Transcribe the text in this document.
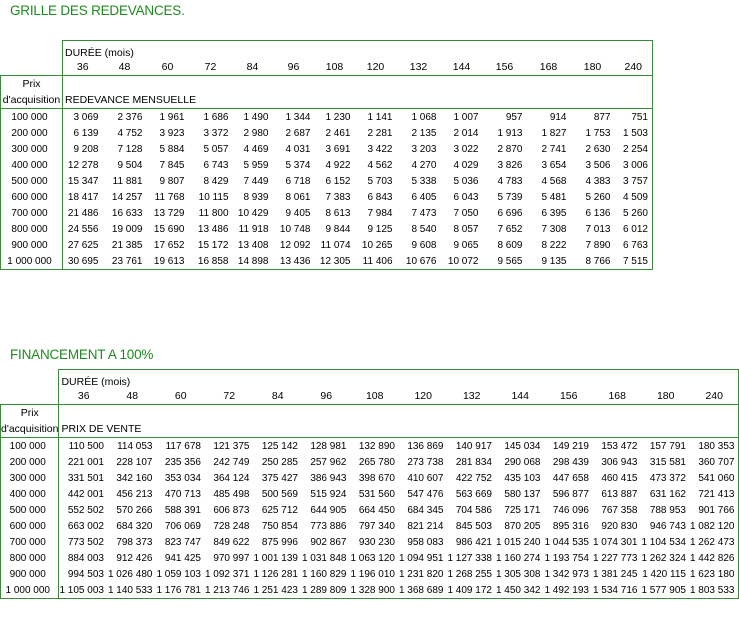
GRILLE DES REDEVANCES.
	DURÉE (mois)													
	36	48	60	72	84	96	108	120	132	144	156	168	180	240
Prix														
d'acquisition	REDEVANCE MENSUELLE													
100 000	3 069	2 376	1 961	1 686	1 490	1 344	1 230	1 141	1 068	1 007	957	914	877	751
200 000	6 139	4 752	3 923	3 372	2 980	2 687	2 461	2 281	2 135	2 014	1 913	1 827	1 753	1 503
300 000	9 208	7 128	5 884	5 057	4 469	4 031	3 691	3 422	3 203	3 022	2 870	2 741	2 630	2 254
400 000	12 278	9 504	7 845	6 743	5 959	5 374	4 922	4 562	4 270	4 029	3 826	3 654	3 506	3 006
500 000	15 347	11 881	9 807	8 429	7 449	6 718	6 152	5 703	5 338	5 036	4 783	4 568	4 383	3 757
600 000	18 417	14 257	11 768	10 115	8 939	8 061	7 383	6 843	6 405	6 043	5 739	5 481	5 260	4 509
700 000	21 486	16 633	13 729	11 800	10 429	9 405	8 613	7 984	7 473	7 050	6 696	6 395	6 136	5 260
800 000	24 556	19 009	15 690	13 486	11 918	10 748	9 844	9 125	8 540	8 057	7 652	7 308	7 013	6 012
900 000	27 625	21 385	17 652	15 172	13 408	12 092	11 074	10 265	9 608	9 065	8 609	8 222	7 890	6 763
1 000 000	30 695	23 761	19 613	16 858	14 898	13 436	12 305	11 406	10 676	10 072	9 565	9 135	8 766	7 515
FINANCEMENT A 100%
	DURÉE (mois)													
	36	48	60	72	84	96	108	120	132	144	156	168	180	240
Prix														
d'acquisition	PRIX DE VENTE													
100 000	110 500	114 053	117 678	121 375	125 142	128 981	132 890	136 869	140 917	145 034	149 219	153 472	157 791	180 353
200 000	221 001	228 107	235 356	242 749	250 285	257 962	265 780	273 738	281 834	290 068	298 439	306 943	315 581	360 707
300 000	331 501	342 160	353 034	364 124	375 427	386 943	398 670	410 607	422 752	435 103	447 658	460 415	473 372	541 060
400 000	442 001	456 213	470 713	485 498	500 569	515 924	531 560	547 476	563 669	580 137	596 877	613 887	631 162	721 413
500 000	552 502	570 266	588 391	606 873	625 712	644 905	664 450	684 345	704 586	725 171	746 096	767 358	788 953	901 766
600 000	663 002	684 320	706 069	728 248	750 854	773 886	797 340	821 214	845 503	870 205	895 316	920 830	946 743	1 082 120
700 000	773 502	798 373	823 747	849 622	875 996	902 867	930 230	958 083	986 421	1 015 240	1 044 535	1 074 301	1 104 534	1 262 473
800 000	884 003	912 426	941 425	970 997	1 001 139	1 031 848	1 063 120	1 094 951	1 127 338	1 160 274	1 193 754	1 227 773	1 262 324	1 442 826
900 000	994 503	1 026 480	1 059 103	1 092 371	1 126 281	1 160 829	1 196 010	1 231 820	1 268 255	1 305 308	1 342 973	1 381 245	1 420 115	1 623 180
1 000 000	1 105 003	1 140 533	1 176 781	1 213 746	1 251 423	1 289 809	1 328 900	1 368 689	1 409 172	1 450 342	1 492 193	1 534 716	1 577 905	1 803 533
